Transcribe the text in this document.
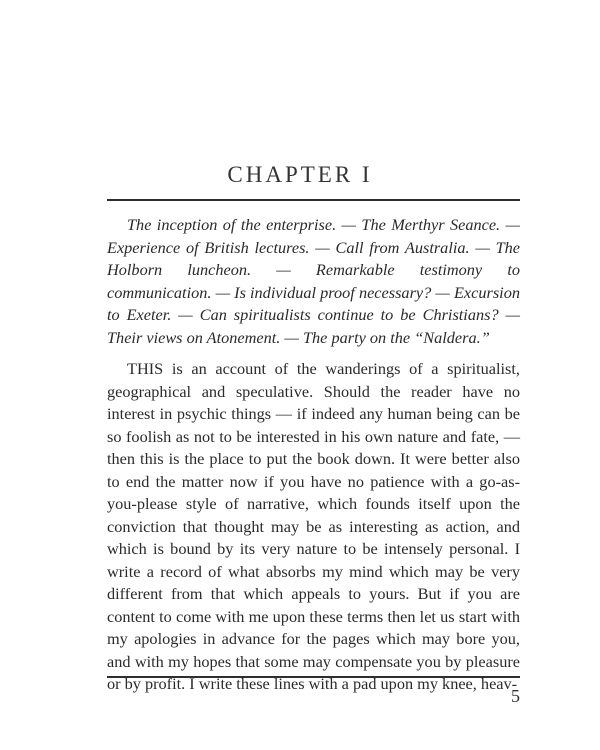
CHAPTER I

The inception of the enterprise. — The Merthyr Seance. — Experience of British lectures. — Call from Australia. — The Holborn luncheon. — Remarkable testimony to communication. — Is individual proof necessary? — Excursion to Exeter. — Can spiritualists continue to be Christians? — Their views on Atonement. — The party on the “Naldera.”

THIS is an account of the wanderings of a spiritualist, geographical and speculative. Should the reader have no interest in psychic things — if indeed any human being can be so foolish as not to be interested in his own nature and fate, — then this is the place to put the book down. It were better also to end the matter now if you have no patience with a go-as-you-please style of narrative, which founds itself upon the conviction that thought may be as interesting as action, and which is bound by its very nature to be intensely personal. I write a record of what absorbs my mind which may be very different from that which appeals to yours. But if you are content to come with me upon these terms then let us start with my apologies in advance for the pages which may bore you, and with my hopes that some may compensate you by pleasure or by profit. I write these lines with a pad upon my knee, heav-

5
